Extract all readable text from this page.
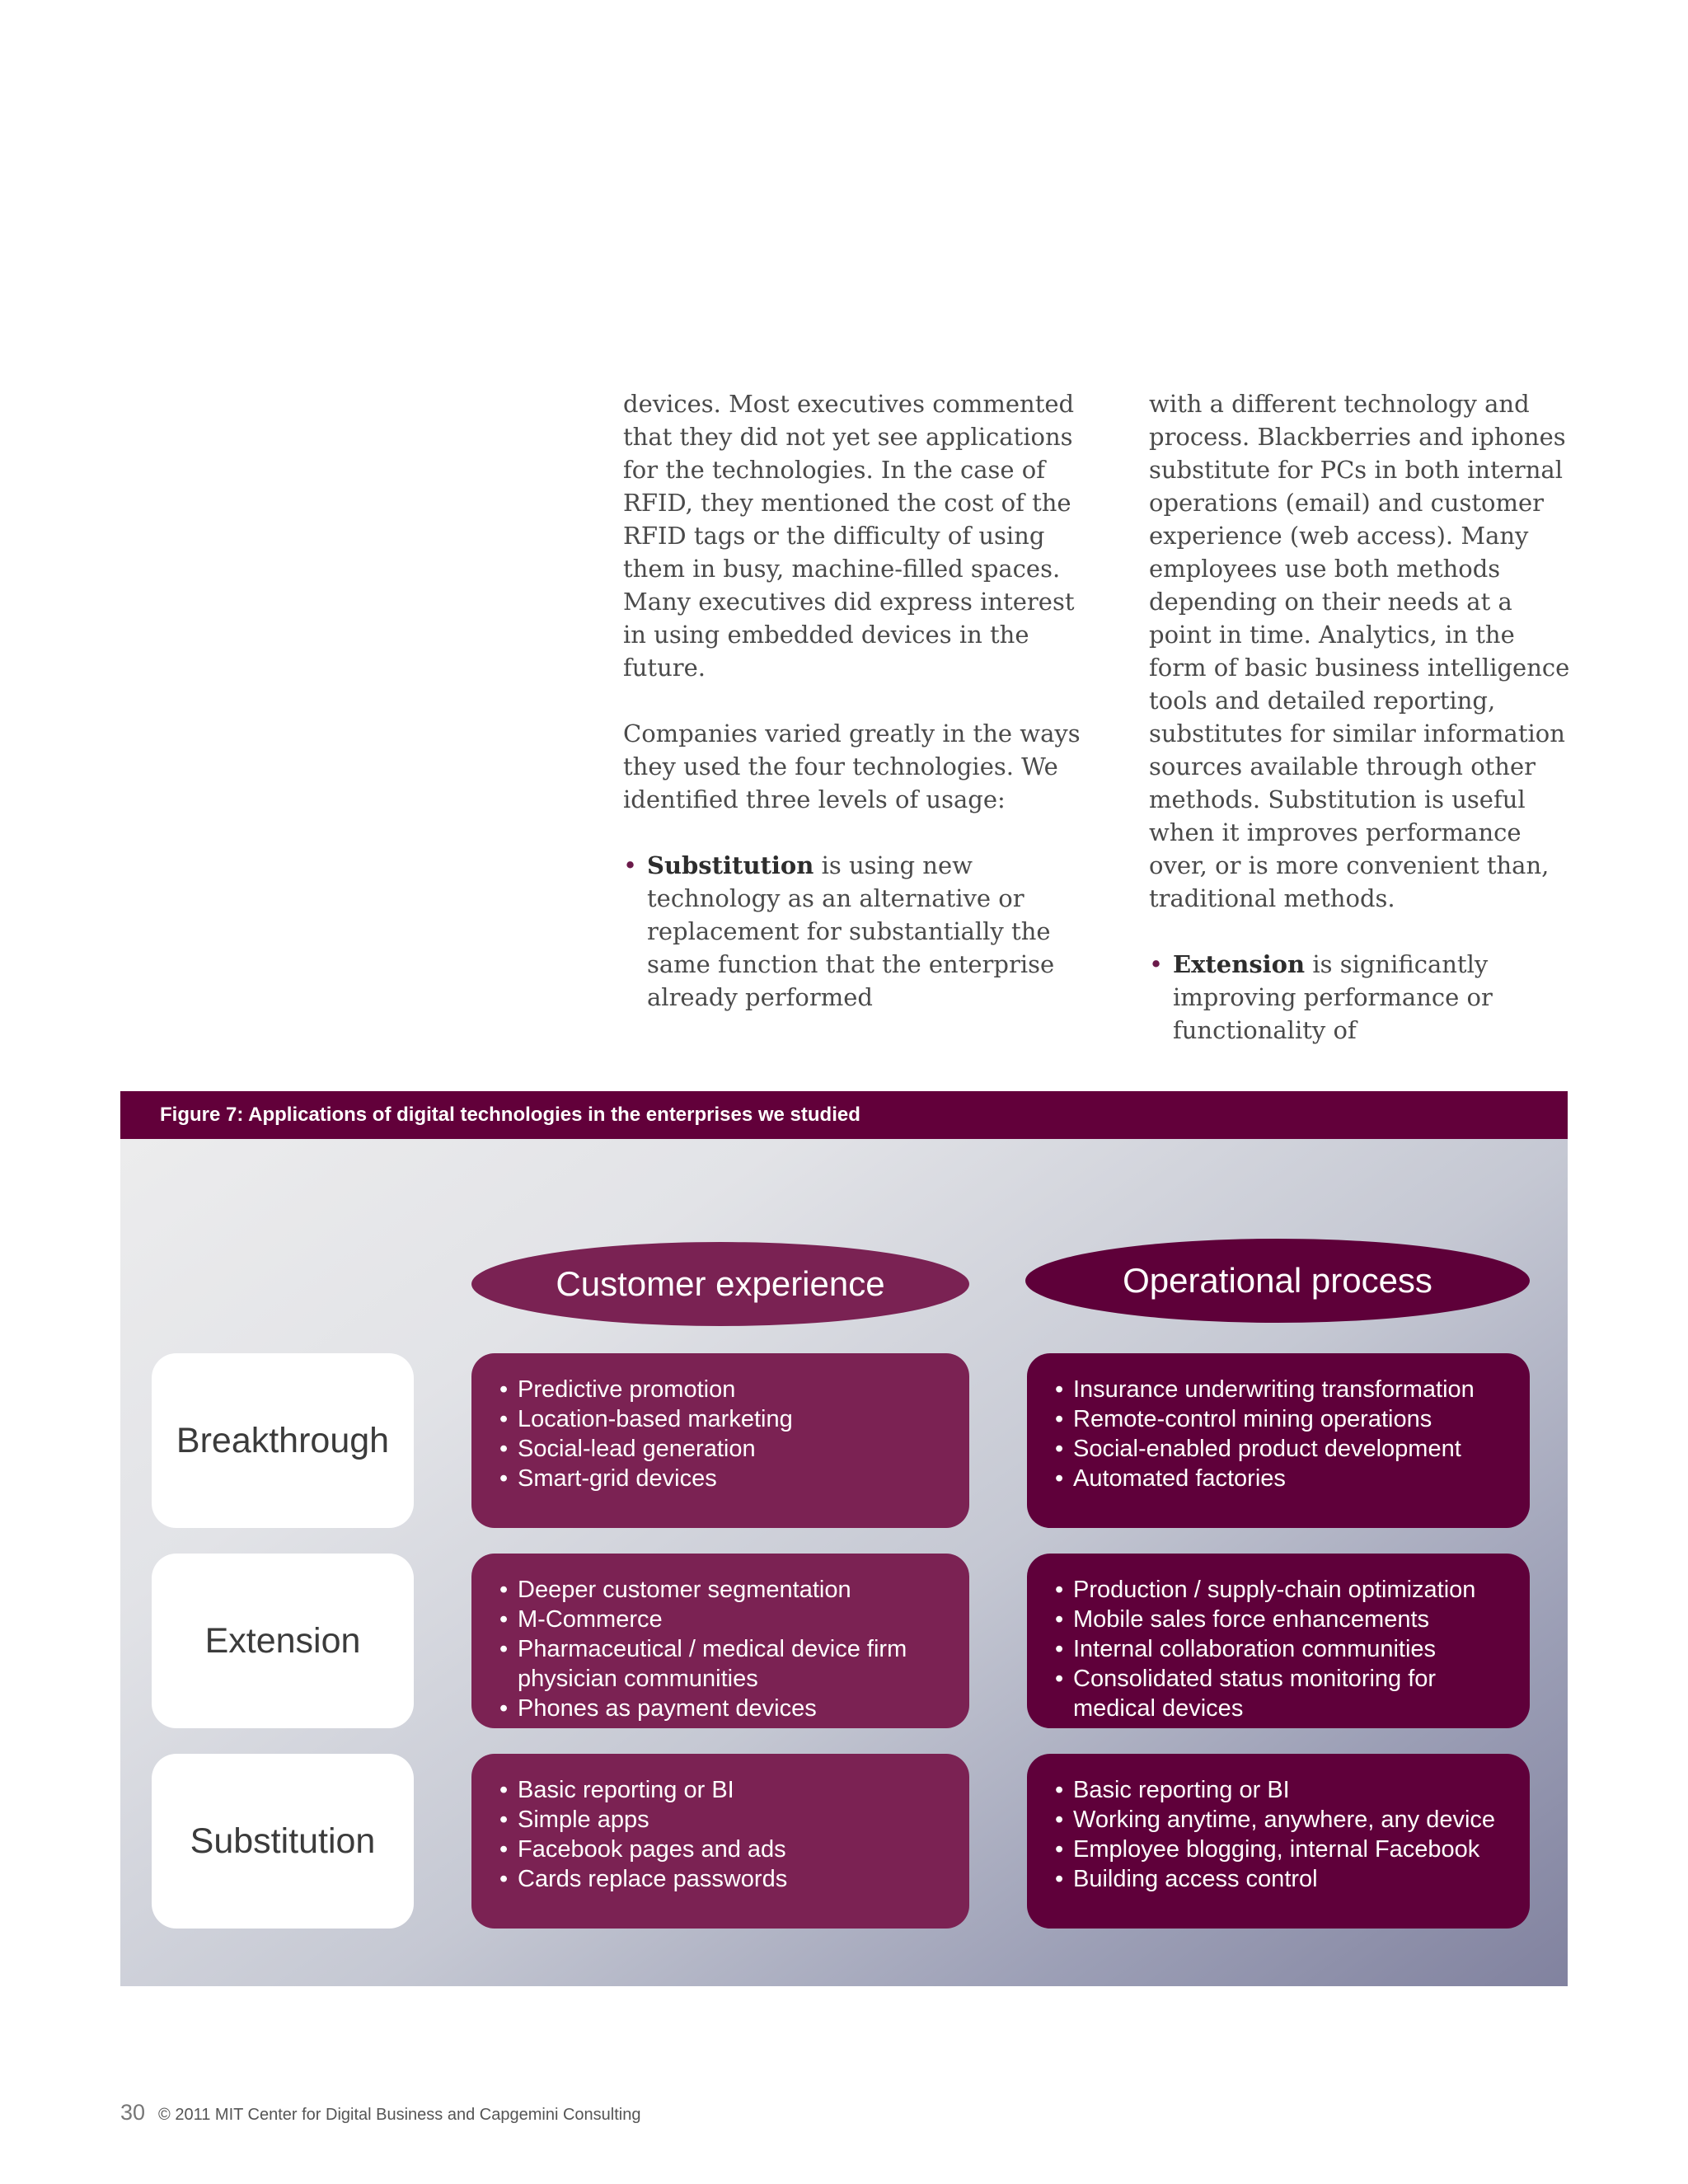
devices. Most executives commented that they did not yet see applications for the technologies. In the case of RFID, they mentioned the cost of the RFID tags or the difficulty of using them in busy, machine-filled spaces. Many executives did express interest in using embedded devices in the future.

Companies varied greatly in the ways they used the four technologies. We identified three levels of usage:

• Substitution is using new technology as an alternative or replacement for substantially the same function that the enterprise already performed

with a different technology and process. Blackberries and iphones substitute for PCs in both internal operations (email) and customer experience (web access). Many employees use both methods depending on their needs at a point in time. Analytics, in the form of basic business intelligence tools and detailed reporting, substitutes for similar information sources available through other methods. Substitution is useful when it improves performance over, or is more convenient than, traditional methods.

• Extension is significantly improving performance or functionality of
Figure 7: Applications of digital technologies in the enterprises we studied
Customer experience	Operational process
Breakthrough
• Predictive promotion
• Location-based marketing
• Social-lead generation
• Smart-grid devices
• Insurance underwriting transformation
• Remote-control mining operations
• Social-enabled product development
• Automated factories
Extension
• Deeper customer segmentation
• M-Commerce
• Pharmaceutical / medical device firm physician communities
• Phones as payment devices
• Production / supply-chain optimization
• Mobile sales force enhancements
• Internal collaboration communities
• Consolidated status monitoring for medical devices
Substitution
• Basic reporting or BI
• Simple apps
• Facebook pages and ads
• Cards replace passwords
• Basic reporting or BI
• Working anytime, anywhere, any device
• Employee blogging, internal Facebook
• Building access control
30 © 2011 MIT Center for Digital Business and Capgemini Consulting
